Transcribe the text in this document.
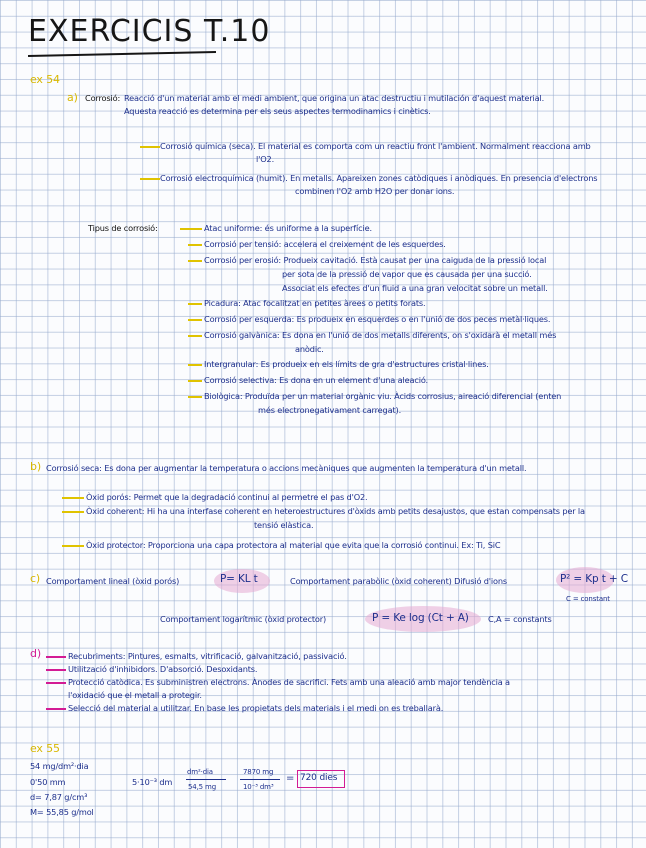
EXERCICIS T.10
ex 54
a) Corrosió: Reacció d'un material amb el medi ambient, que origina un atac destructiu i mutilación d'aquest material.
Aquesta reacció es determina per els seus aspectes termodinamics i cinètics.
Corrosió química (seca). El material es comporta com un reactiu front l'ambient. Normalment reacciona amb
l'O2.
Corrosió electroquímica (humit). En metalls. Apareixen zones catòdiques i anòdiques. En presencia d'electrons
combinen l'O2 amb H2O per donar ions.
Tipus de corrosió:	Atac uniforme: és uniforme a la superfície.
Corrosió per tensió: accelera el creixement de les esquerdes.
Corrosió per erosió: Produeix cavitació. Està causat per una caiguda de la pressió local
per sota de la pressió de vapor que es causada per una succió.
Associat els efectes d'un fluid a una gran velocitat sobre un metall.
Picadura: Atac focalitzat en petites àrees o petits forats.
Corrosió per esquerda: Es produeix en esquerdes o en l'unió de dos peces metàl·liques.
Corrosió galvànica: Es dona en l'unió de dos metalls diferents, on s'oxidarà el metall més
anòdic.
Intergranular: Es produeix en els límits de gra d'estructures cristal·lines.
Corrosió selectiva: Es dona en un element d'una aleació.
Biològica: Produïda per un material orgànic viu. Àcids corrosius, aireació diferencial (enten
més electronegativament carregat).
b) Corrosió seca: Es dona per augmentar la temperatura o accions mecàniques que augmenten la temperatura d'un metall.
Òxid porós: Permet que la degradació continui al permetre el pas d'O2.
Òxid coherent: Hi ha una interfase coherent en heteroestructures d'òxids amb petits desajustos, que estan compensats per la
tensió elàstica.
Òxid protector: Proporciona una capa protectora al material que evita que la corrosió continui. Ex: Ti, SiC
c) Comportament lineal (òxid porós)	P= KL t	Comportament parabòlic (òxid coherent) Difusió d'ions	P² = Kp t + C
C = constant
Comportament logarítmic (òxid protector)	P = Ke log (Ct + A) C,A = constants
d)	Recubriments: Pintures, esmalts, vitrificació, galvanització, passivació.
Utilització d'inhibidors. D'absorció. Desoxidants.
Protecció catòdica. Es subministren electrons. Ànodes de sacrifici. Fets amb una aleació amb major tendència a
l'oxidació que el metall a protegir.
Selecció del material a utilitzar. En base les propietats dels materials i el medi on es treballarà.
ex 55
54 mg/dm²·dia
0'50 mm
d= 7,87 g/cm³
M= 55,85 g/mol
5·10⁻³ dm
dm²·dia
54,5 mg
7870 mg
10⁻³ dm³
= 720 dies
